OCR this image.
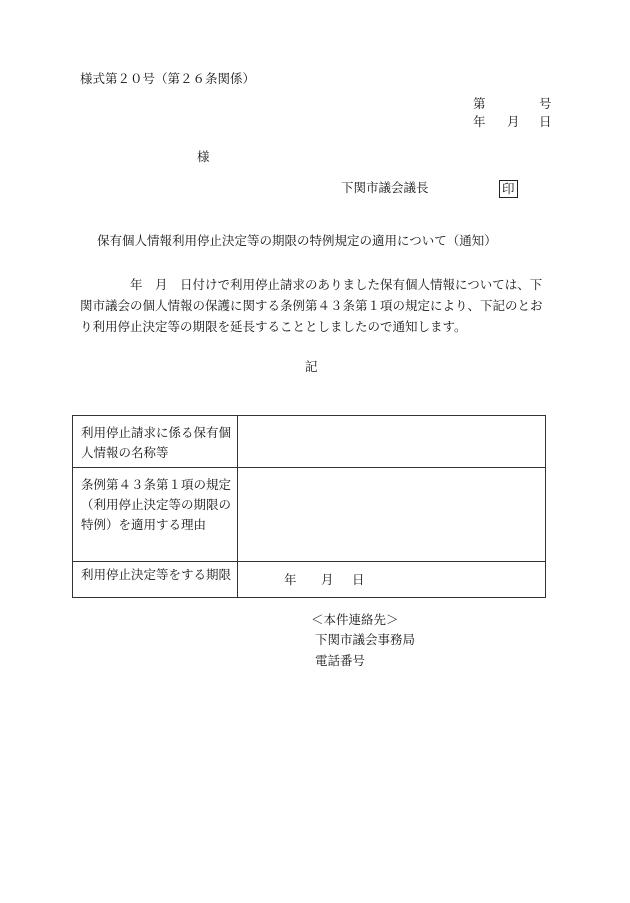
様式第２０号（第２６条関係）
第	号
年 月 日
様
下関市議会議長	印
保有個人情報利用停止決定等の期限の特例規定の適用について（通知）
　　　　年　月　日付けで利用停止請求のありました保有個人情報については、下関市議会の個人情報の保護に関する条例第４３条第１項の規定により、下記のとおり利用停止決定等の期限を延長することとしましたので通知します。
記
利用停止請求に係る保有個人情報の名称等	
条例第４３条第１項の規定（利用停止決定等の期限の特例）を適用する理由	
利用停止決定等をする期限	年 月 日
＜本件連絡先＞
下関市議会事務局
電話番号
